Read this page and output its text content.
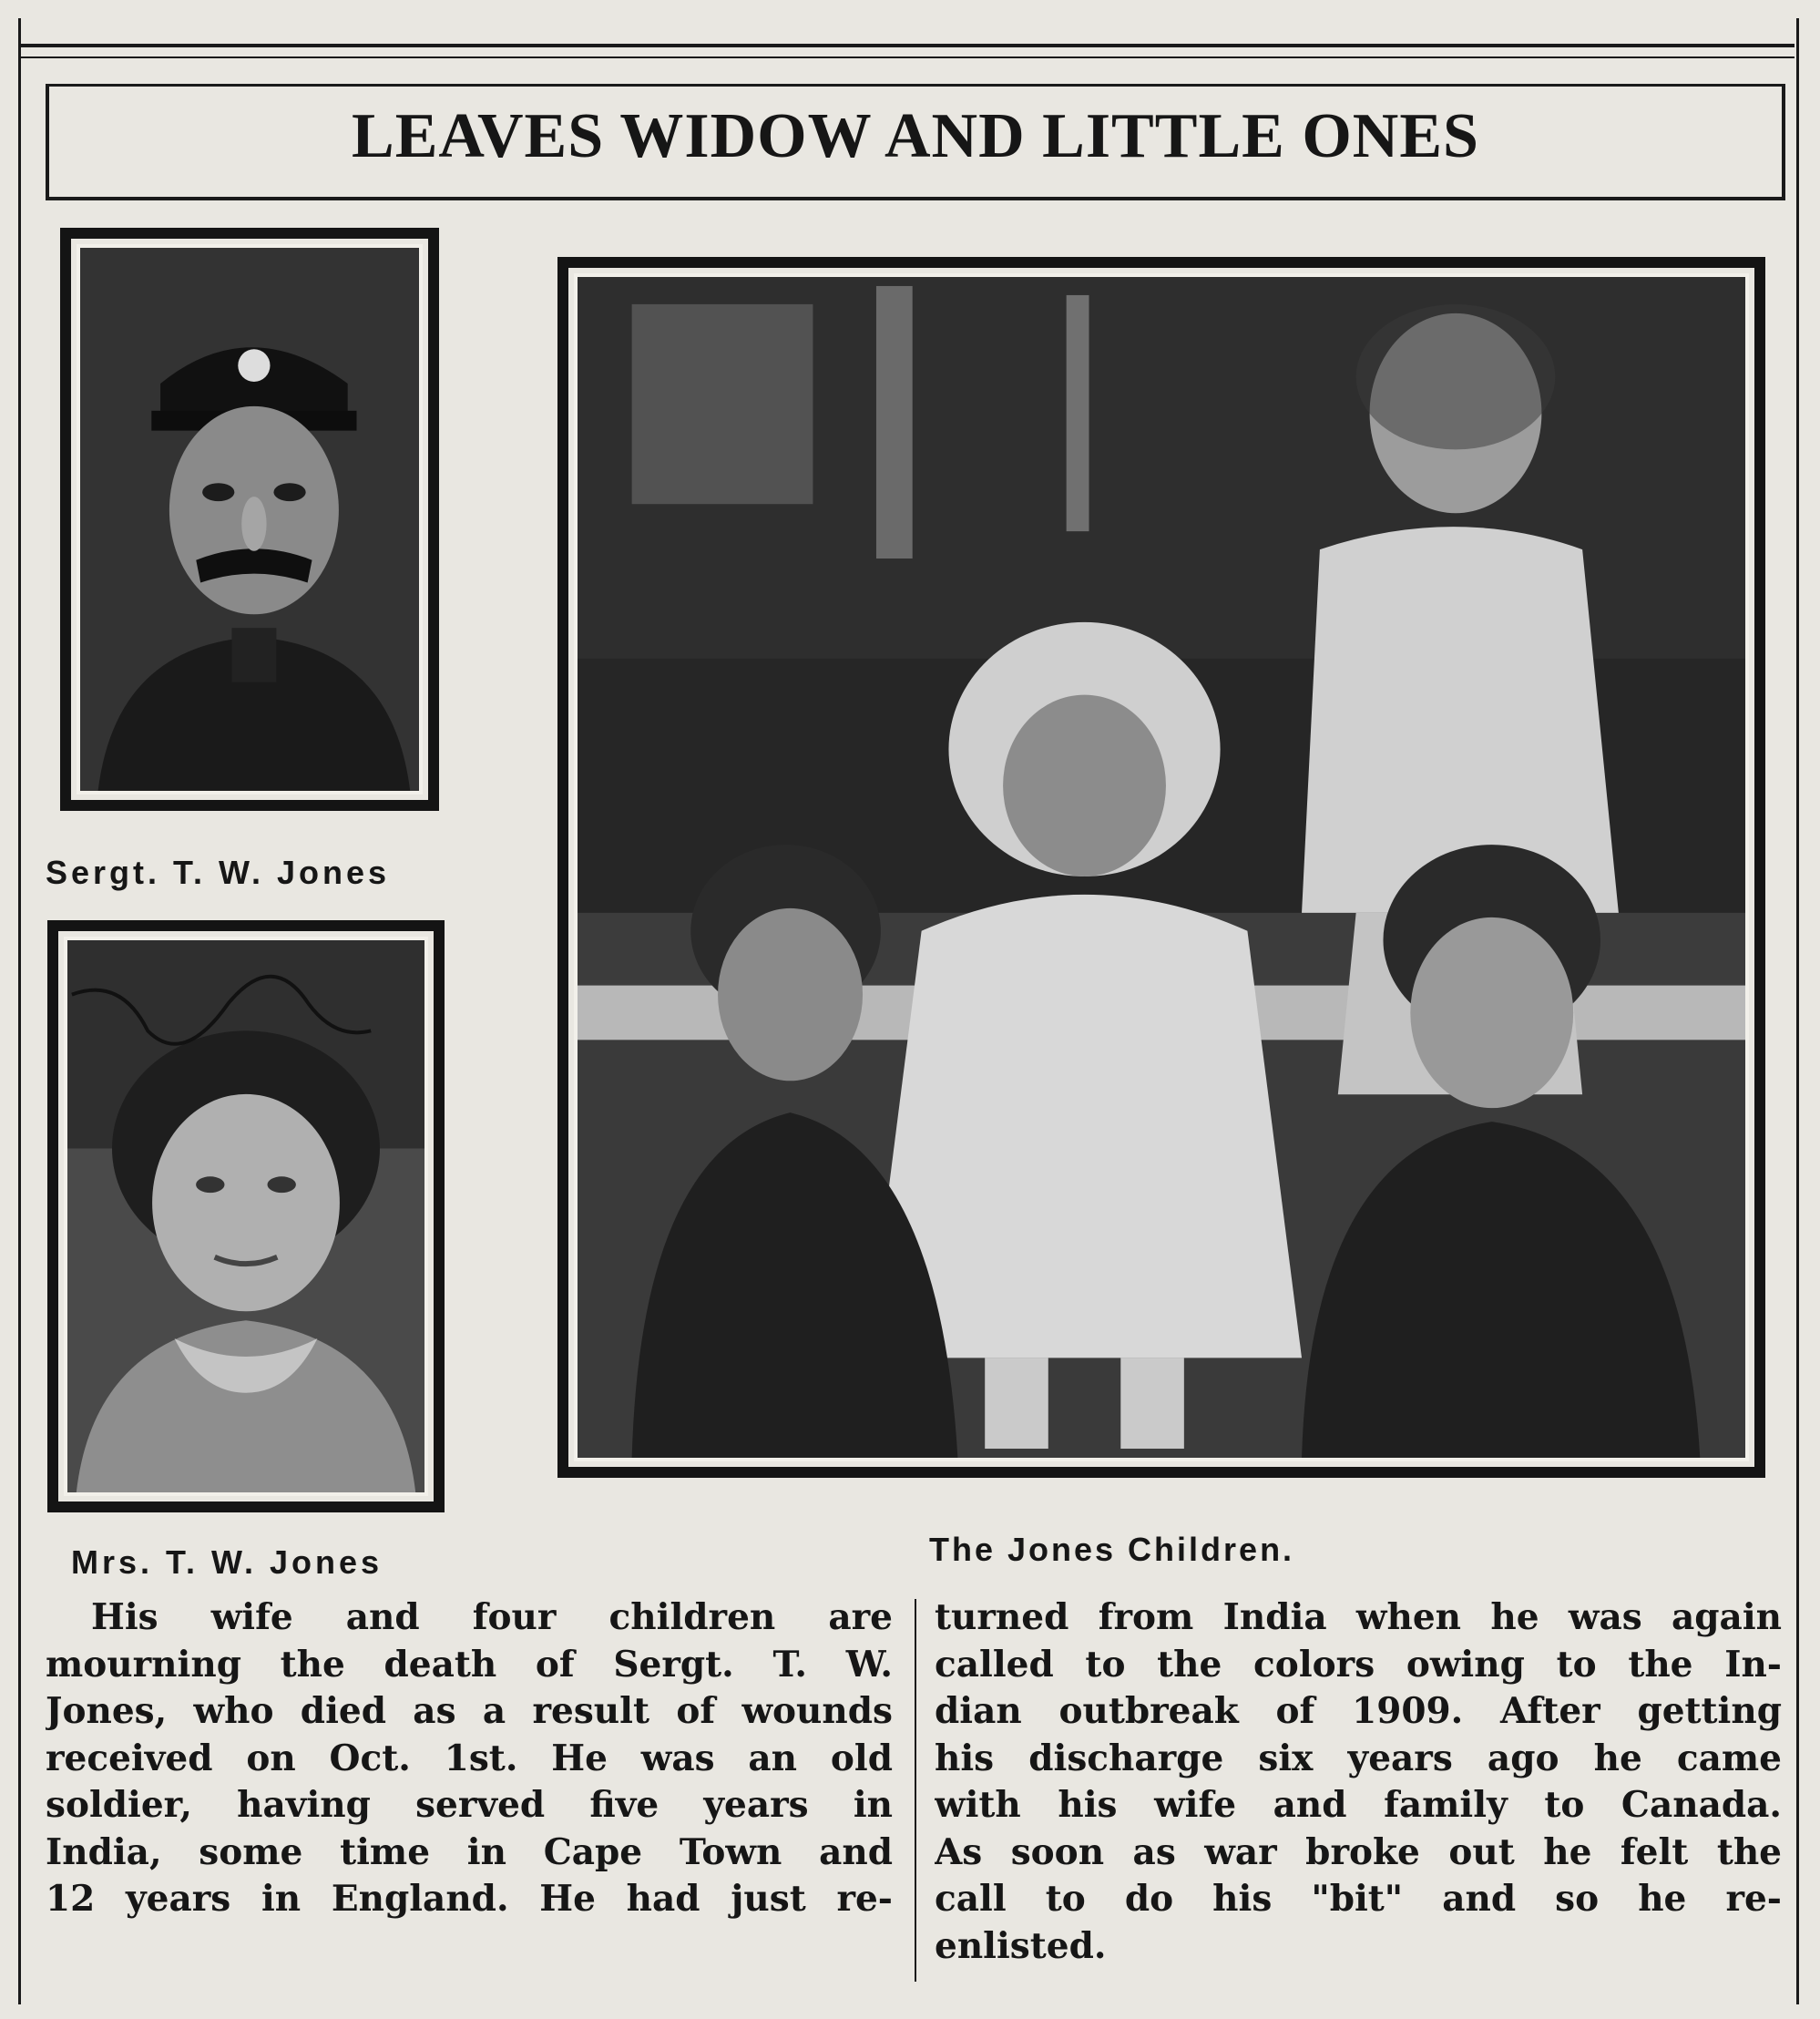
LEAVES WIDOW AND LITTLE ONES
Sergt. T. W. Jones
Mrs. T. W. Jones	The Jones Children.
His wife and four children are
mourning the death of Sergt. T. W.
Jones, who died as a result of wounds
received on Oct. 1st. He was an old
soldier, having served five years in
India, some time in Cape Town and
12 years in England. He had just re-
turned from India when he was again
called to the colors owing to the In-
dian outbreak of 1909. After getting
his discharge six years ago he came
with his wife and family to Canada.
As soon as war broke out he felt the
call to do his "bit" and so he re-
enlisted.
